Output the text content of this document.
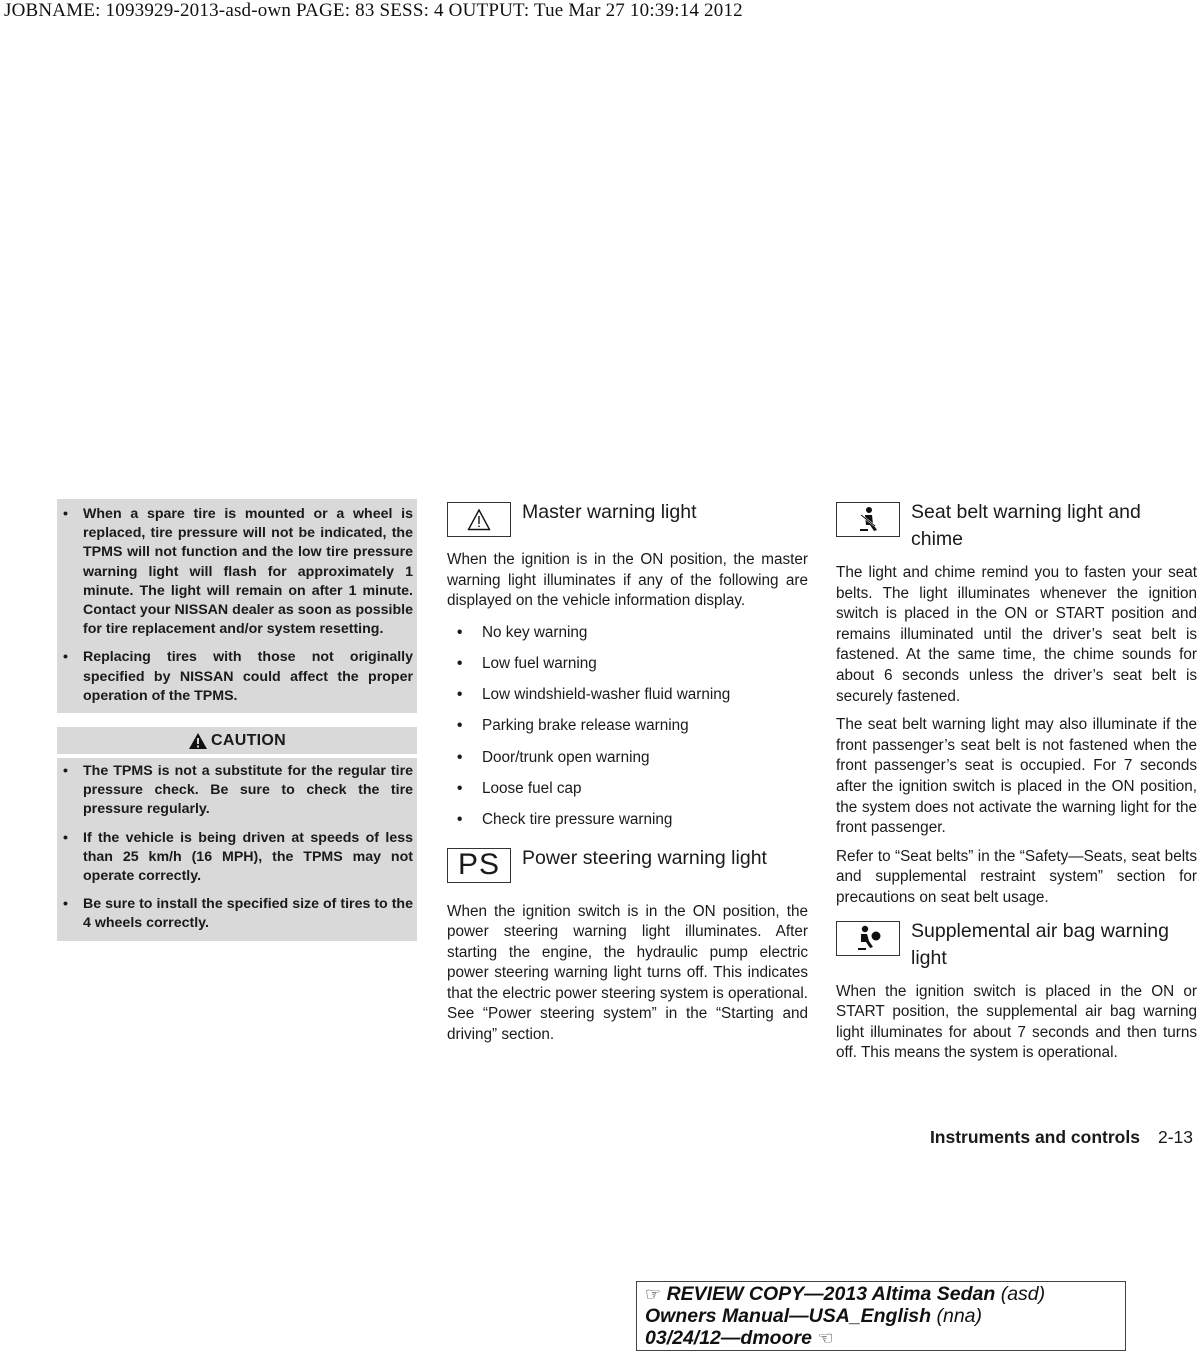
JOBNAME: 1093929-2013-asd-own PAGE: 83 SESS: 4 OUTPUT: Tue Mar 27 10:39:14 2012
• When a spare tire is mounted or a wheel is replaced, tire pressure will not be indicated, the TPMS will not function and the low tire pressure warning light will flash for approximately 1 minute. The light will remain on after 1 minute. Contact your NISSAN dealer as soon as possible for tire replacement and/or system resetting.
• Replacing tires with those not originally specified by NISSAN could affect the proper operation of the TPMS.
CAUTION
• The TPMS is not a substitute for the regular tire pressure check. Be sure to check the tire pressure regularly.
• If the vehicle is being driven at speeds of less than 25 km/h (16 MPH), the TPMS may not operate correctly.
• Be sure to install the specified size of tires to the 4 wheels correctly.
Master warning light

When the ignition is in the ON position, the master warning light illuminates if any of the following are displayed on the vehicle information display.

• No key warning
• Low fuel warning
• Low windshield-washer fluid warning
• Parking brake release warning
• Door/trunk open warning
• Loose fuel cap
• Check tire pressure warning
PS Power steering warning light

When the ignition switch is in the ON position, the power steering warning light illuminates. After starting the engine, the hydraulic pump electric power steering warning light turns off. This indicates that the electric power steering system is operational. See “Power steering system” in the “Starting and driving” section.

Seat belt warning light and chime

The light and chime remind you to fasten your seat belts. The light illuminates whenever the ignition switch is placed in the ON or START position and remains illuminated until the driver’s seat belt is fastened. At the same time, the chime sounds for about 6 seconds unless the driver’s seat belt is securely fastened.

The seat belt warning light may also illuminate if the front passenger’s seat belt is not fastened when the front passenger’s seat is occupied. For 7 seconds after the ignition switch is placed in the ON position, the system does not activate the warning light for the front passenger.

Refer to “Seat belts” in the “Safety—Seats, seat belts and supplemental restraint system” section for precautions on seat belt usage.

Supplemental air bag warning light

When the ignition switch is placed in the ON or START position, the supplemental air bag warning light illuminates for about 7 seconds and then turns off. This means the system is operational.

Instruments and controls 2-13
☞ REVIEW COPY—2013 Altima Sedan (asd)
Owners Manual—USA_English (nna)
03/24/12—dmoore ☜
